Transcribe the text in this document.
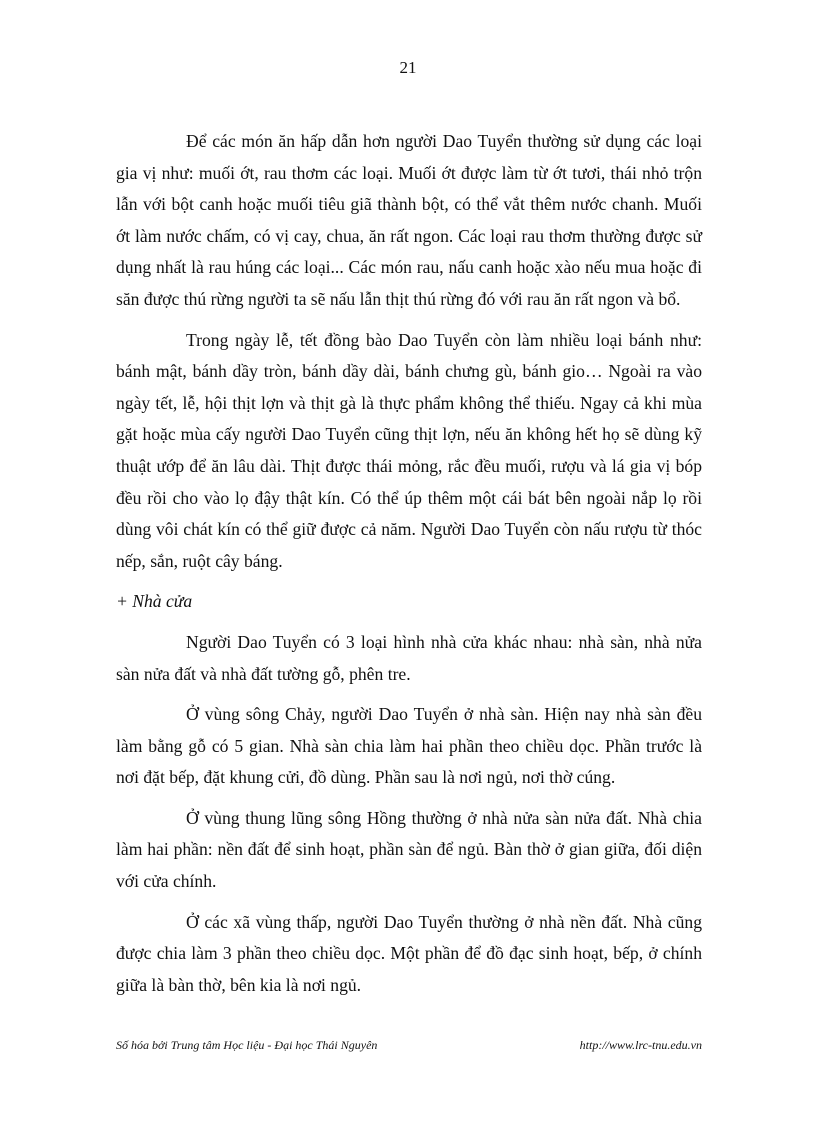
21

Để các món ăn hấp dẫn hơn người Dao Tuyển thường sử dụng các loại gia vị như: muối ớt, rau thơm các loại. Muối ớt được làm từ ớt tươi, thái nhỏ trộn lẫn với bột canh hoặc muối tiêu giã thành bột, có thể vắt thêm nước chanh. Muối ớt làm nước chấm, có vị cay, chua, ăn rất ngon. Các loại rau thơm thường được sử dụng nhất là rau húng các loại... Các món rau, nấu canh hoặc xào nếu mua hoặc đi săn được thú rừng người ta sẽ nấu lẫn thịt thú rừng đó với rau ăn rất ngon và bổ.

Trong ngày lễ, tết đồng bào Dao Tuyển còn làm nhiều loại bánh như: bánh mật, bánh dầy tròn, bánh dầy dài, bánh chưng gù, bánh gio… Ngoài ra vào ngày tết, lễ, hội thịt lợn và thịt gà là thực phẩm không thể thiếu. Ngay cả khi mùa gặt hoặc mùa cấy người Dao Tuyển cũng thịt lợn, nếu ăn không hết họ sẽ dùng kỹ thuật ướp để ăn lâu dài. Thịt được thái mỏng, rắc đều muối, rượu và lá gia vị bóp đều rồi cho vào lọ đậy thật kín. Có thể úp thêm một cái bát bên ngoài nắp lọ rồi dùng vôi chát kín có thể giữ được cả năm. Người Dao Tuyển còn nấu rượu từ thóc nếp, sắn, ruột cây báng.

+ Nhà cửa

Người Dao Tuyển có 3 loại hình nhà cửa khác nhau: nhà sàn, nhà nửa sàn nửa đất và nhà đất tường gỗ, phên tre.

Ở vùng sông Chảy, người Dao Tuyển ở nhà sàn. Hiện nay nhà sàn đều làm bằng gỗ có 5 gian. Nhà sàn chia làm hai phần theo chiều dọc. Phần trước là nơi đặt bếp, đặt khung cửi, đồ dùng. Phần sau là nơi ngủ, nơi thờ cúng.

Ở vùng thung lũng sông Hồng thường ở nhà nửa sàn nửa đất. Nhà chia làm hai phần: nền đất để sinh hoạt, phần sàn để ngủ. Bàn thờ ở gian giữa, đối diện với cửa chính.

Ở các xã vùng thấp, người Dao Tuyển thường ở nhà nền đất. Nhà cũng được chia làm 3 phần theo chiều dọc. Một phần để đồ đạc sinh hoạt, bếp, ở chính giữa là bàn thờ, bên kia là nơi ngủ.

Số hóa bởi Trung tâm Học liệu - Đại học Thái Nguyên	http://www.lrc-tnu.edu.vn
